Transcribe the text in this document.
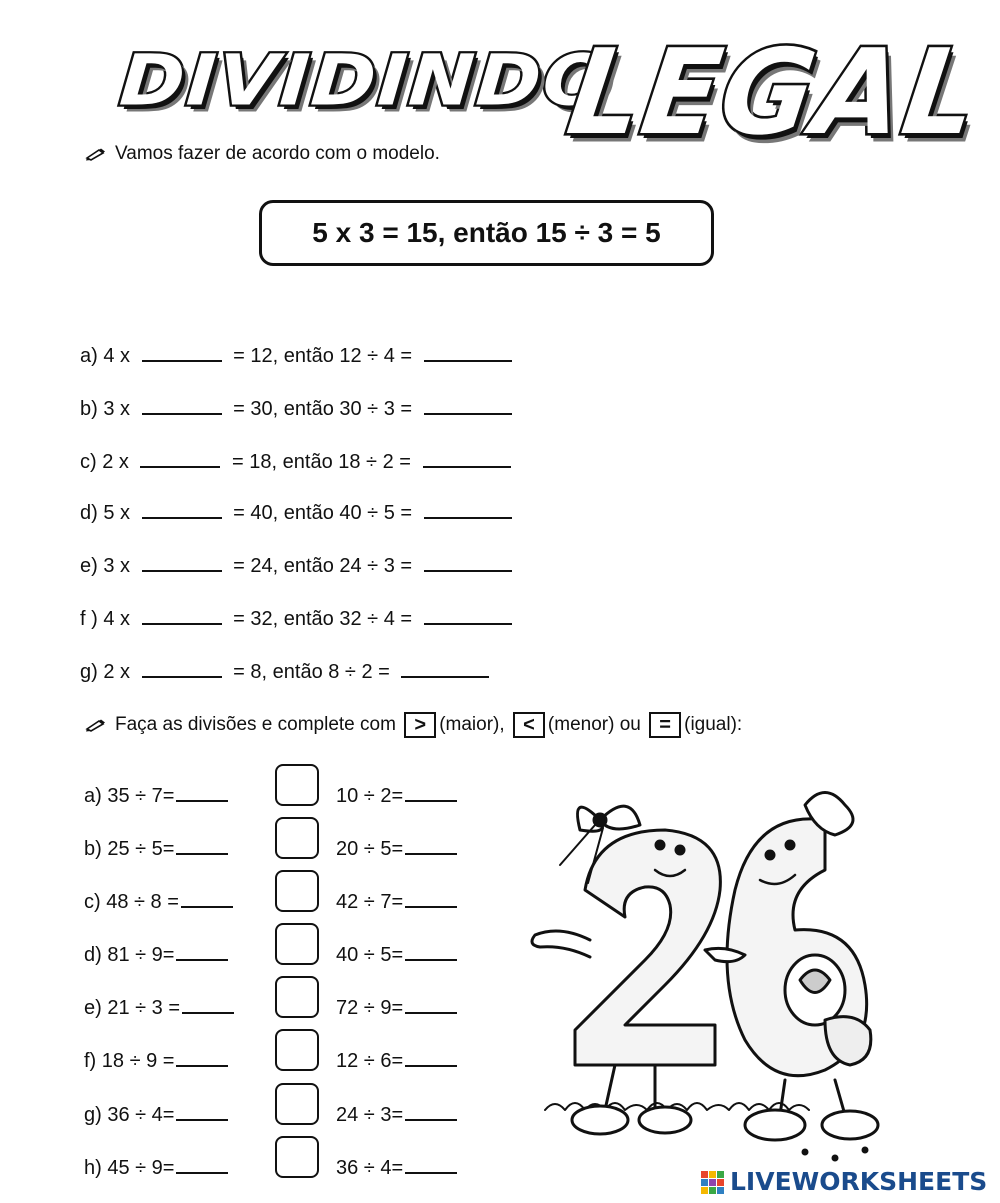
DIVIDINDO
LEGAL
Vamos fazer de acordo com o modelo.
5 x 3 = 15, então 15 ÷ 3 = 5
a) 4 x	= 12, então 12 ÷ 4 =
b) 3 x	= 30, então 30 ÷ 3 =
c) 2 x	= 18, então 18 ÷ 2 =
d) 5 x	= 40, então 40 ÷ 5 =
e) 3 x	= 24, então 24 ÷ 3 =
f ) 4 x	= 32, então 32 ÷ 4 =
g) 2 x	= 8, então 8 ÷ 2 =
Faça as divisões e complete com > (maior), < (menor) ou = (igual):
a) 35 ÷ 7=	10 ÷ 2=
b) 25 ÷ 5=	20 ÷ 5=
c) 48 ÷ 8 =	42 ÷ 7=
d) 81 ÷ 9=	40 ÷ 5=
e) 21 ÷ 3 =	72 ÷ 9=
f) 18 ÷ 9 =	12 ÷ 6=
g) 36 ÷ 4=	24 ÷ 3=
h) 45 ÷ 9=	36 ÷ 4=	LIVEWORKSHEETS
